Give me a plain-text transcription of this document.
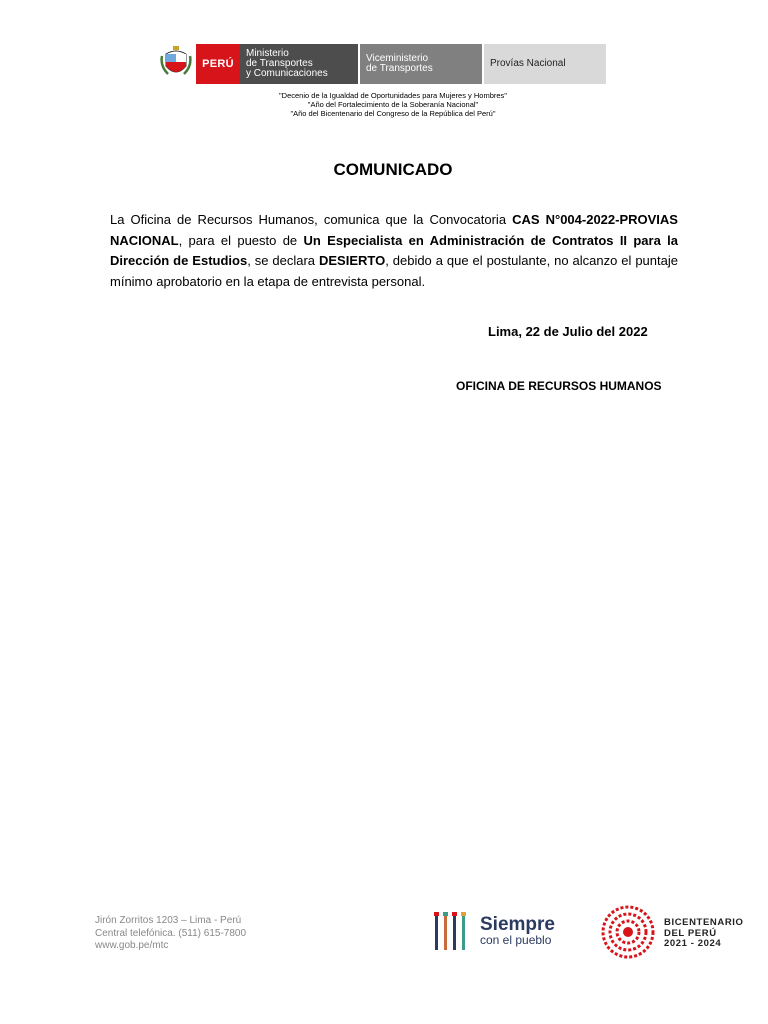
PERÚ
Ministerio
de Transportes
y Comunicaciones
Viceministerio
de Transportes	Provías Nacional
"Decenio de la Igualdad de Oportunidades para Mujeres y Hombres"
"Año del Fortalecimiento de la Soberanía Nacional"
"Año del Bicentenario del Congreso de la República del Perú"
COMUNICADO

La Oficina de Recursos Humanos, comunica que la Convocatoria CAS N°004-2022-PROVIAS NACIONAL, para el puesto de Un Especialista en Administración de Contratos II para la Dirección de Estudios, se declara DESIERTO, debido a que el postulante, no alcanzo el puntaje mínimo aprobatorio en la etapa de entrevista personal.

Lima, 22 de Julio del 2022
OFICINA DE RECURSOS HUMANOS
Jirón Zorritos 1203 – Lima - Perú
Central telefónica. (511) 615-7800
www.gob.pe/mtc
Siempre
con el pueblo
BICENTENARIO
DEL PERÚ
2021 - 2024
